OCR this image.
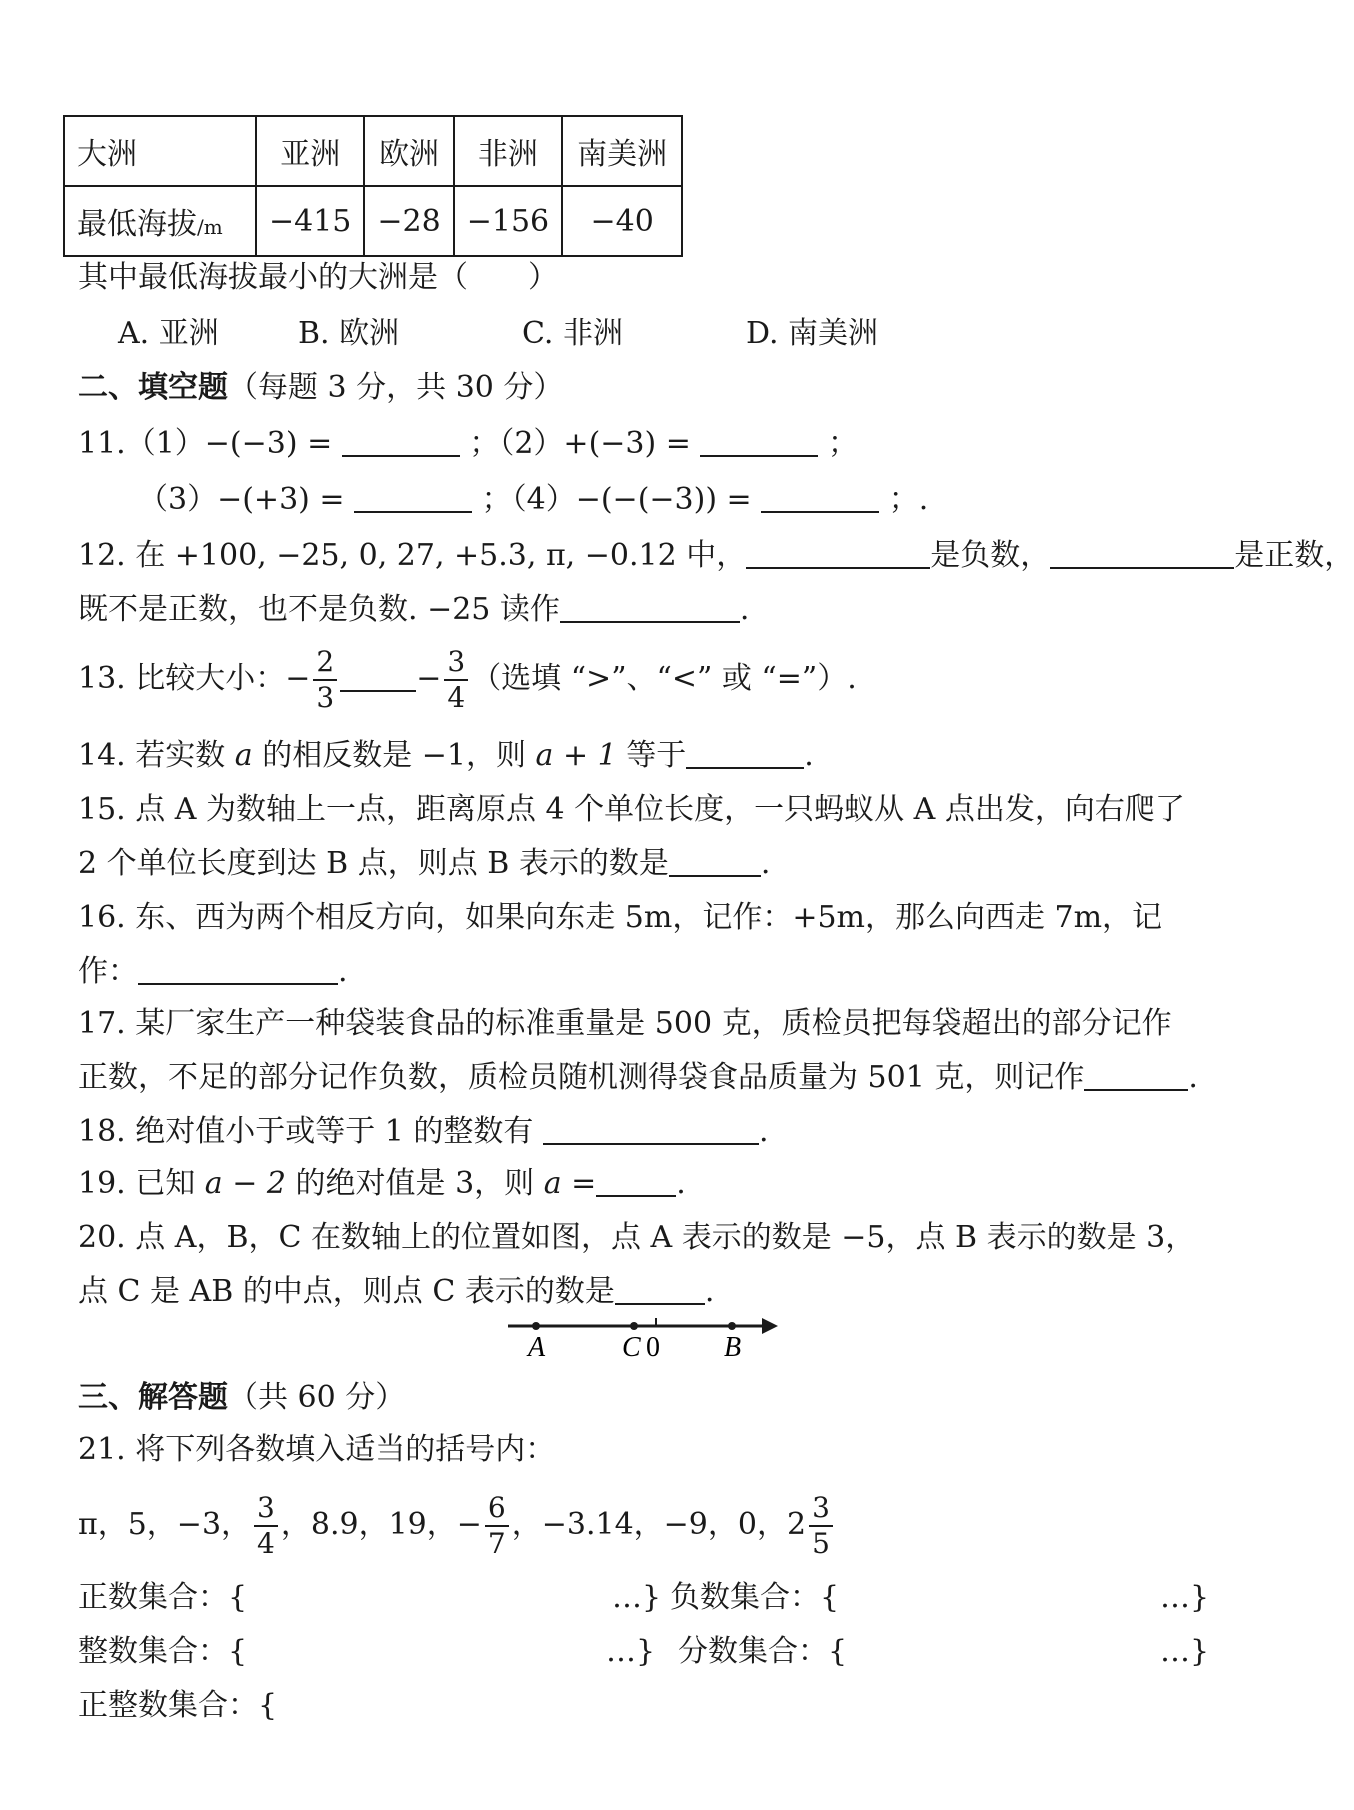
大洲	亚洲	欧洲	非洲	南美洲
最低海拔/m	−415	−28	−156	−40
其中最低海拔最小的大洲是（　　）
A. 亚洲	B. 欧洲	C. 非洲	D. 南美洲
二、填空题（每题 3 分，共 30 分）
11.（1）−(−3) =	；（2）+(−3) =	；
（3）−(+3) =	；（4）−(−(−3)) =	；.
12. 在 +100, −25, 0, 27, +5.3, π, −0.12 中，	是负数，	是正数，
既不是正数，也不是负数. −25 读作	.
13. 比较大小：− $\frac{2}{3}$	− $\frac{3}{4}$ （选填 “>”、“<” 或 “=”）.
14. 若实数 a 的相反数是 −1，则 a + 1 等于	.
15. 点 A 为数轴上一点，距离原点 4 个单位长度，一只蚂蚁从 A 点出发，向右爬了
2 个单位长度到达 B 点，则点 B 表示的数是	.
16. 东、西为两个相反方向，如果向东走 5m，记作：+5m，那么向西走 7m，记
作：	.
17. 某厂家生产一种袋装食品的标准重量是 500 克，质检员把每袋超出的部分记作
正数，不足的部分记作负数，质检员随机测得袋食品质量为 501 克，则记作	.
18. 绝对值小于或等于 1 的整数有	.
19. 已知 a − 2 的绝对值是 3，则 a =	.
20. 点 A，B，C 在数轴上的位置如图，点 A 表示的数是 −5，点 B 表示的数是 3，
点 C 是 AB 的中点，则点 C 表示的数是	.
A	C 0 B
三、解答题（共 60 分）
21. 将下列各数填入适当的括号内：
π，5，−3， $\frac{3}{4}$ ，8.9，19，− $\frac{6}{7}$ ，−3.14，−9，0，$2 \frac{3}{5}$
正数集合：{	…} 负数集合：{	…}
整数集合：{	…} 分数集合：{	…}
正整数集合：{
